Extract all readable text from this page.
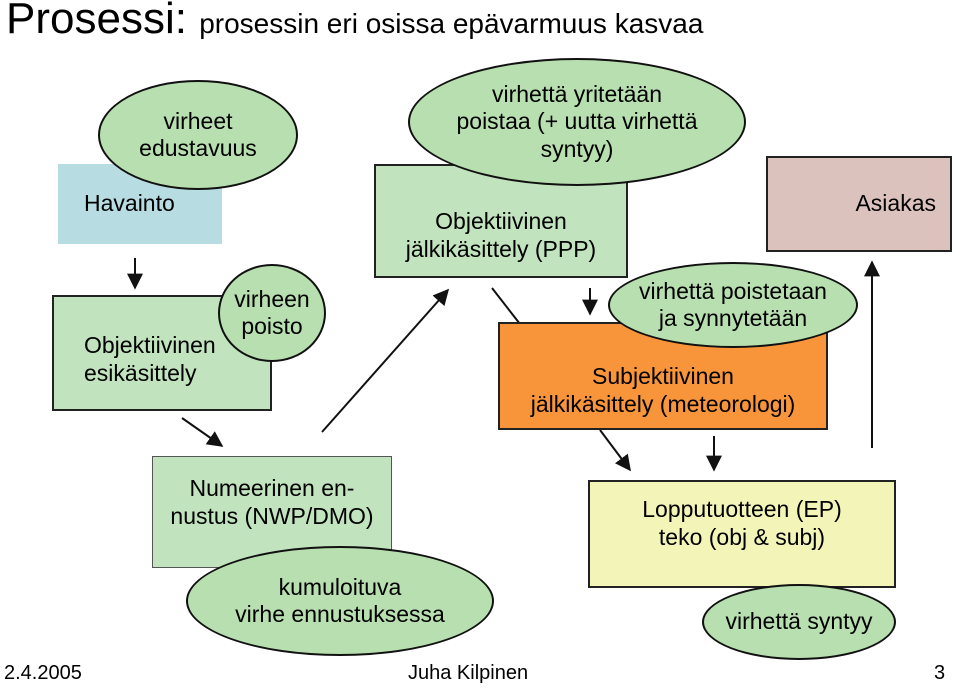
Prosessi: prosessin eri osissa epävarmuus kasvaa
Havainto
Objektiivinen
esikäsittely
Objektiivinen
jälkikäsittely (PPP)
Asiakas
Subjektiivinen
jälkikäsittely (meteorologi)
Numeerinen en-
nustus (NWP/DMO)	Lopputuotteen (EP)
teko (obj & subj)
virheet
edustavuus
virheen
poisto
virhettä yritetään
poistaa (+ uutta virhettä
syntyy)
virhettä poistetaan
ja synnytetään
kumuloituva
virhe ennustuksessa	virhettä syntyy
2.4.2005	Juha Kilpinen	3
